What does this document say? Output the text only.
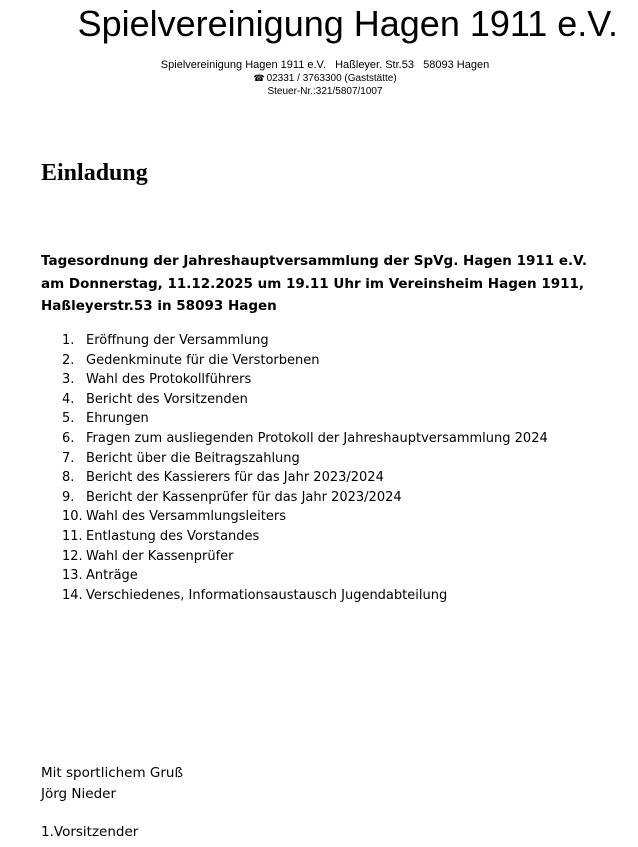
Spielvereinigung Hagen 1911 e.V.
Spielvereinigung Hagen 1911 e.V.   Haßleyer. Str.53   58093 Hagen
☎ 02331 / 3763300 (Gaststätte)
Steuer-Nr.:321/5807/1007
Einladung
Tagesordnung der Jahreshauptversammlung der SpVg. Hagen 1911 e.V. am Donnerstag, 11.12.2025 um 19.11 Uhr im Vereinsheim Hagen 1911, Haßleyerstr.53 in 58093 Hagen
1. Eröffnung der Versammlung
2. Gedenkminute für die Verstorbenen
3. Wahl des Protokollführers
4. Bericht des Vorsitzenden
5. Ehrungen
6. Fragen zum ausliegenden Protokoll der Jahreshauptversammlung 2024
7. Bericht über die Beitragszahlung
8. Bericht des Kassierers für das Jahr 2023/2024
9. Bericht der Kassenprüfer für das Jahr 2023/2024
10. Wahl des Versammlungsleiters
11. Entlastung des Vorstandes
12. Wahl der Kassenprüfer
13. Anträge
14. Verschiedenes, Informationsaustausch Jugendabteilung
Mit sportlichem Gruß
Jörg Nieder
1.Vorsitzender
